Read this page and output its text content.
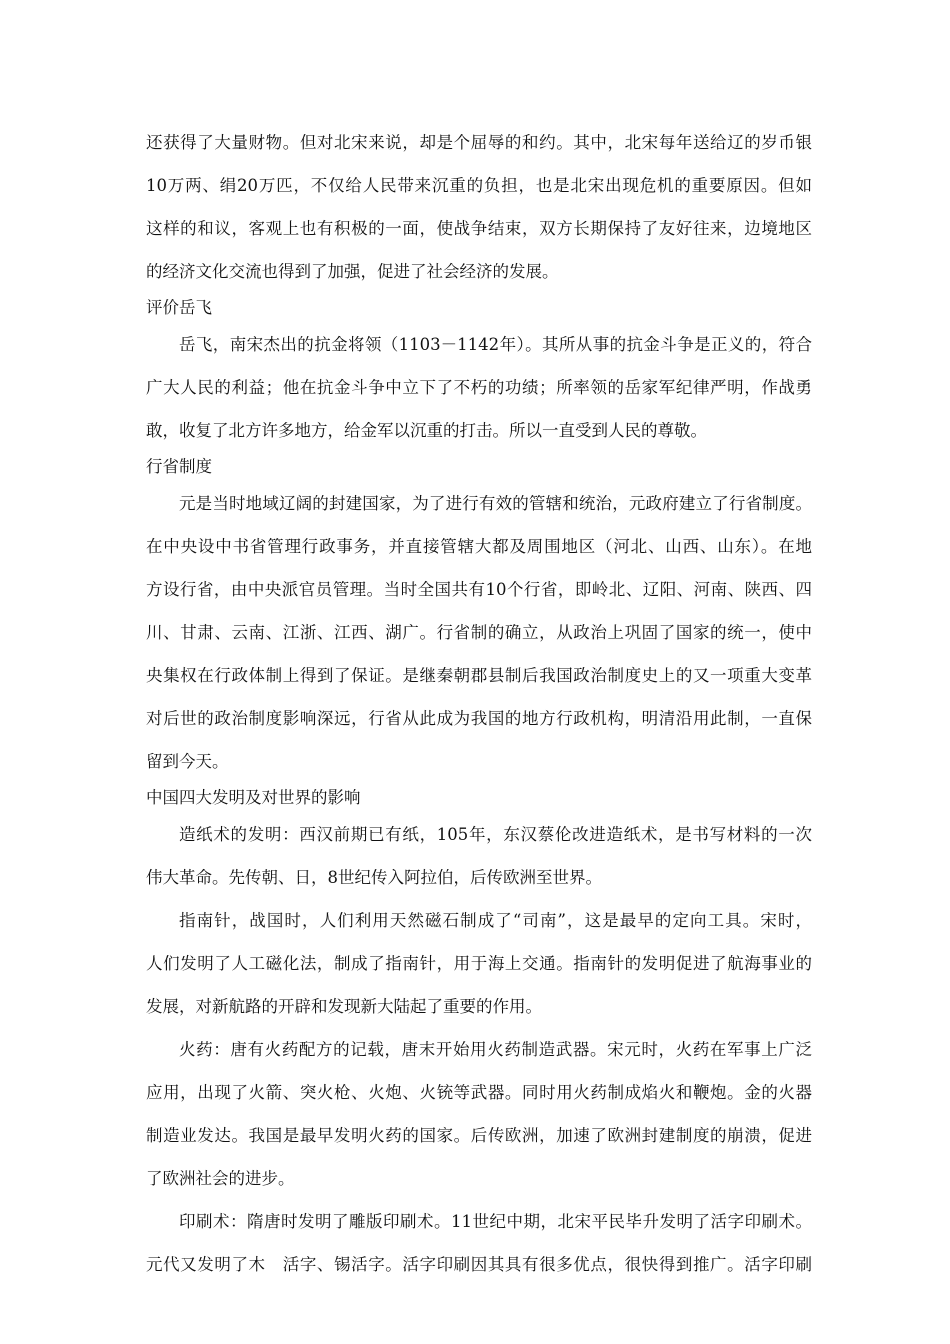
还获得了大量财物。但对北宋来说，却是个屈辱的和约。其中，北宋每年送给辽的岁币银
10万两、绢20万匹，不仅给人民带来沉重的负担，也是北宋出现危机的重要原因。但如
这样的和议，客观上也有积极的一面，使战争结束，双方长期保持了友好往来，边境地区
的经济文化交流也得到了加强，促进了社会经济的发展。
评价岳飞
岳飞，南宋杰出的抗金将领（1103－1142年）。其所从事的抗金斗争是正义的，符合
广大人民的利益；他在抗金斗争中立下了不朽的功绩；所率领的岳家军纪律严明，作战勇
敢，收复了北方许多地方，给金军以沉重的打击。所以一直受到人民的尊敬。
行省制度
元是当时地域辽阔的封建国家，为了进行有效的管辖和统治，元政府建立了行省制度。
在中央设中书省管理行政事务，并直接管辖大都及周围地区（河北、山西、山东）。在地
方设行省，由中央派官员管理。当时全国共有10个行省，即岭北、辽阳、河南、陕西、四
川、甘肃、云南、江浙、江西、湖广。行省制的确立，从政治上巩固了国家的统一，使中
央集权在行政体制上得到了保证。是继秦朝郡县制后我国政治制度史上的又一项重大变革
对后世的政治制度影响深远，行省从此成为我国的地方行政机构，明清沿用此制，一直保
留到今天。
中国四大发明及对世界的影响
造纸术的发明：西汉前期已有纸，105年，东汉蔡伦改进造纸术，是书写材料的一次
伟大革命。先传朝、日，8世纪传入阿拉伯，后传欧洲至世界。
指南针，战国时，人们利用天然磁石制成了“司南”，这是最早的定向工具。宋时，
人们发明了人工磁化法，制成了指南针，用于海上交通。指南针的发明促进了航海事业的
发展，对新航路的开辟和发现新大陆起了重要的作用。
火药：唐有火药配方的记载，唐末开始用火药制造武器。宋元时，火药在军事上广泛
应用，出现了火箭、突火枪、火炮、火铳等武器。同时用火药制成焰火和鞭炮。金的火器
制造业发达。我国是最早发明火药的国家。后传欧洲，加速了欧洲封建制度的崩溃，促进
了欧洲社会的进步。
印刷术：隋唐时发明了雕版印刷术。11世纪中期，北宋平民毕升发明了活字印刷术。
元代又发明了木　活字、锡活字。活字印刷因其具有很多优点，很快得到推广。活字印刷
